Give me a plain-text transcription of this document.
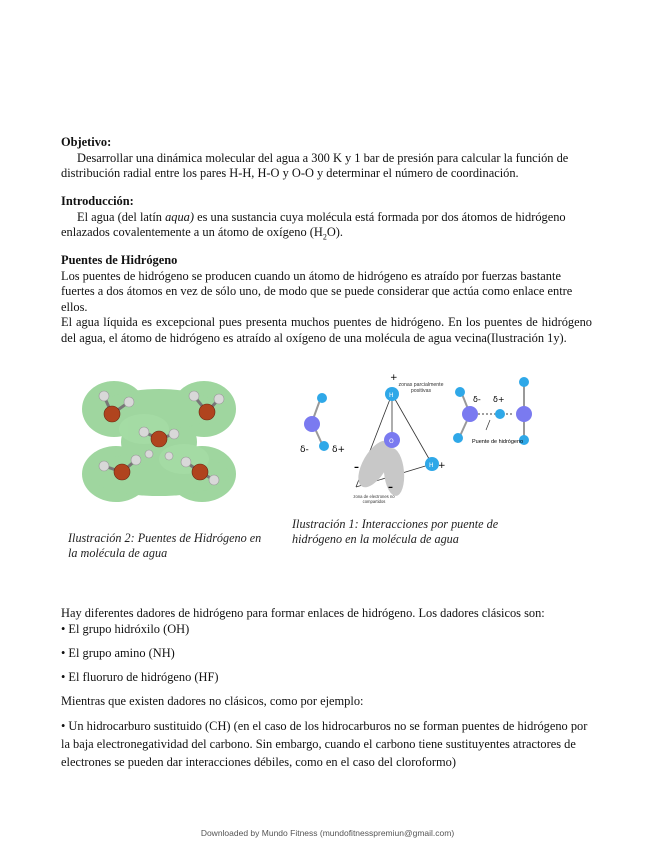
Objetivo:

Desarrollar una dinámica molecular del agua a 300 K y 1 bar de presión para calcular la función de distribución radial entre los pares H-H, H-O y O-O y determinar el número de coordinación.

Introducción:

El agua (del latín aqua) es una sustancia cuya molécula está formada por dos átomos de hidrógeno enlazados covalentemente a un átomo de oxígeno $(H_2O)$.

Puentes de Hidrógeno

Los puentes de hidrógeno se producen cuando un átomo de hidrógeno es atraído por fuerzas bastante fuertes a dos átomos en vez de sólo uno, de modo que se puede considerar que actúa como enlace entre ellos.

El agua líquida es excepcional pues presenta muchos puentes de hidrógeno. En los puentes de hidrógeno del agua, el átomo de hidrógeno es atraído al oxígeno de una molécula de agua vecina(Ilustración 1y).

δ-	δ+
H
O
H
+
+
–
–
zonas parcialmente positivas
zona de electrones no compartidos
δ- δ+
Puente de hidrógeno
Ilustración 1: Interacciones por puente de hidrógeno en la molécula de agua
Ilustración 2: Puentes de Hidrógeno en la molécula de agua

Hay diferentes dadores de hidrógeno para formar enlaces de hidrógeno. Los dadores clásicos son:

• El grupo hidróxilo (OH)

• El grupo amino (NH)

• El fluoruro de hidrógeno (HF)

Mientras que existen dadores no clásicos, como por ejemplo:

• Un hidrocarburo sustituido (CH) (en el caso de los hidrocarburos no se forman puentes de hidrógeno por la baja electronegatividad del carbono. Sin embargo, cuando el carbono tiene sustituyentes atractores de electrones se pueden dar interacciones débiles, como en el caso del cloroformo)

Downloaded by Mundo Fitness (mundofitnesspremiun@gmail.com)
